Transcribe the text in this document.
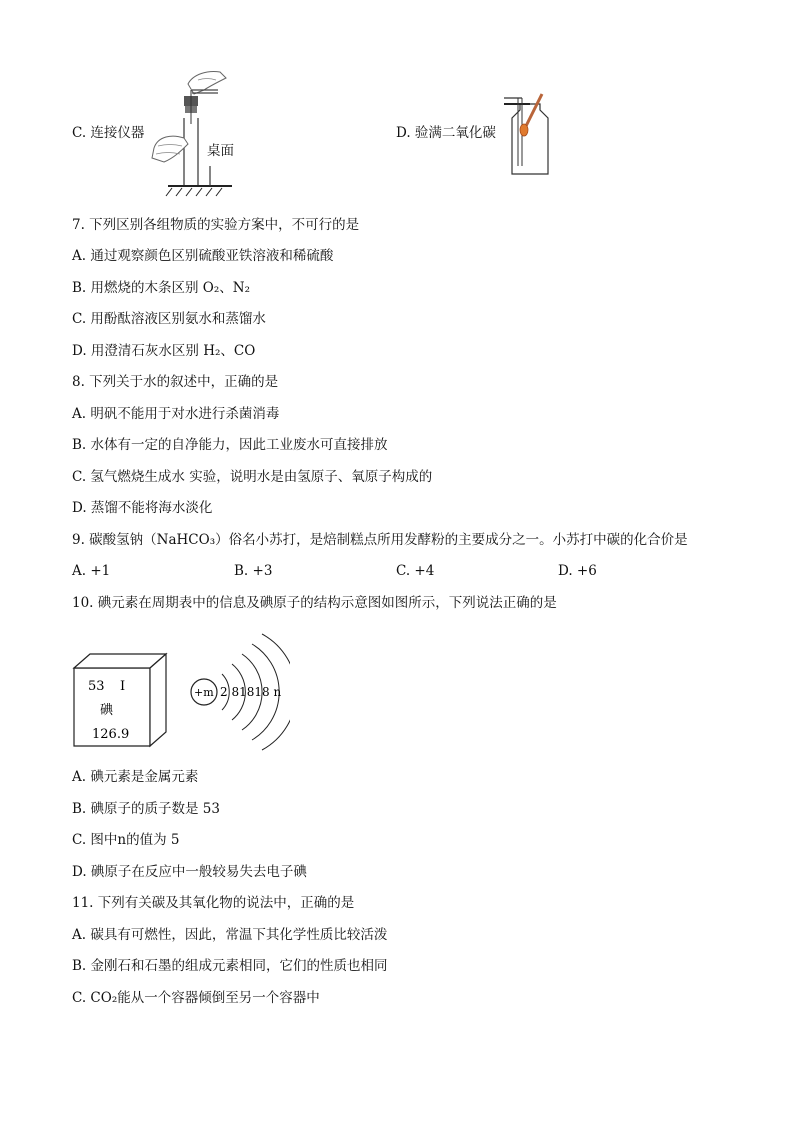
C. 连接仪器
桌面
D. 验满二氧化碳
7. 下列区别各组物质的实验方案中，不可行的是
A. 通过观察颜色区别硫酸亚铁溶液和稀硫酸
B. 用燃烧的木条区别 O₂、N₂
C. 用酚酞溶液区别氨水和蒸馏水
D. 用澄清石灰水区别 H₂、CO
8. 下列关于水的叙述中，正确的是
A. 明矾不能用于对水进行杀菌消毒
B. 水体有一定的自净能力，因此工业废水可直接排放
C. 氢气燃烧生成水 实验，说明水是由氢原子、氧原子构成的
D. 蒸馏不能将海水淡化
9. 碳酸氢钠（NaHCO₃）俗名小苏打，是焙制糕点所用发酵粉的主要成分之一。小苏打中碳的化合价是
A. +1	B. +3	C. +4	D. +6
10. 碘元素在周期表中的信息及碘原子的结构示意图如图所示，下列说法正确的是
53 I
碘
126.9
+m 2 81818 n
A. 碘元素是金属元素
B. 碘原子的质子数是 53
C. 图中n的值为 5
D. 碘原子在反应中一般较易失去电子碘
11. 下列有关碳及其氧化物的说法中，正确的是
A. 碳具有可燃性，因此，常温下其化学性质比较活泼
B. 金刚石和石墨的组成元素相同，它们的性质也相同
C. CO₂能从一个容器倾倒至另一个容器中
